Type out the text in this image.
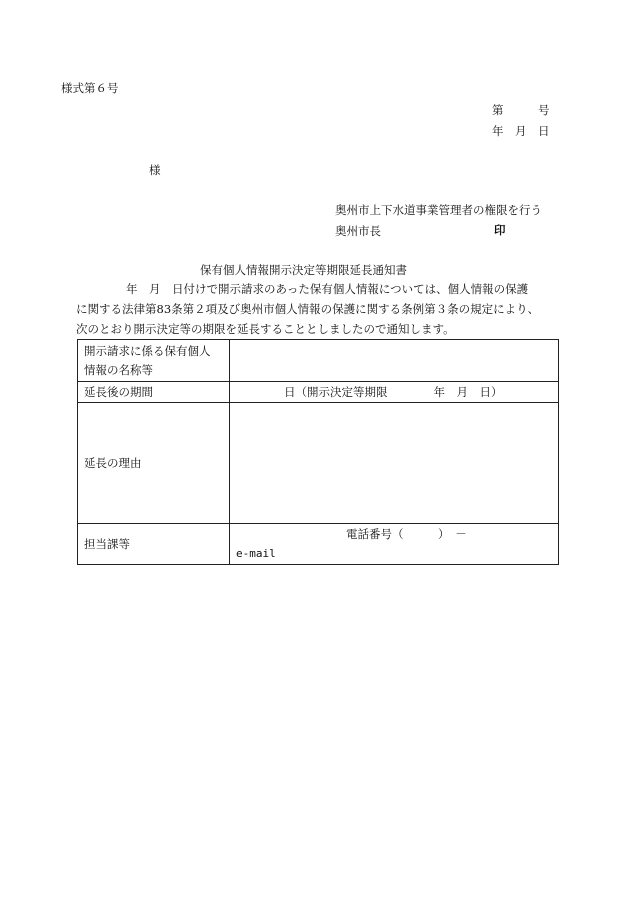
様式第６号
第　　　号
年　月　日
様
奥州市上下水道事業管理者の権限を行う
奥州市長	印
保有個人情報開示決定等期限延長通知書
年　月　日付けで開示請求のあった保有個人情報については、個人情報の保護
に関する法律第83条第２項及び奥州市個人情報の保護に関する条例第３条の規定により、
次のとおり開示決定等の期限を延長することとしましたので通知します。
開示請求に係る保有個人
情報の名称等	

延長後の期間	日（開示決定等期限　　　　年　月　日）
延長の理由	
担当課等	電話番号（　　　）　－
e-mail
